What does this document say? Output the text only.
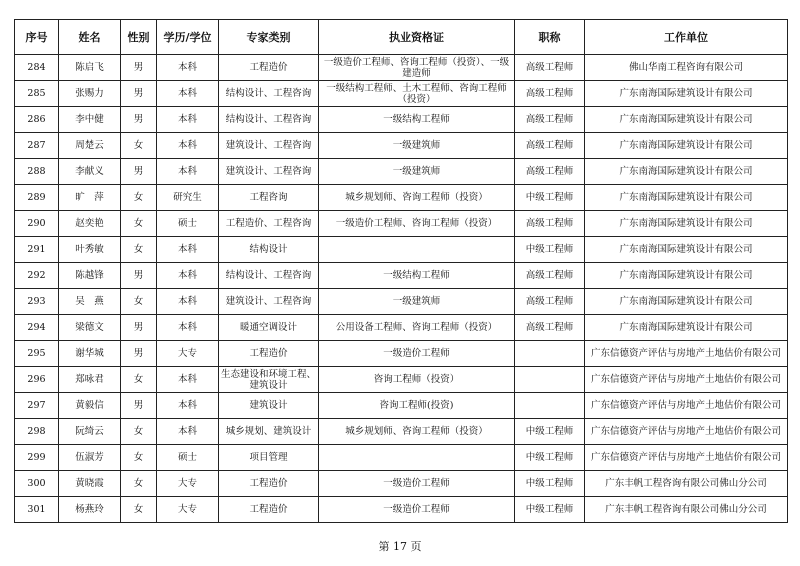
序号	姓名	性别	学历/学位	专家类别	执业资格证	职称	工作单位
284	陈启飞	男	本科	工程造价	一级造价工程师、咨询工程师（投资）、一级建造师	高级工程师	佛山华南工程咨询有限公司
285	张赐力	男	本科	结构设计、工程咨询	一级结构工程师、土木工程师、咨询工程师（投资）	高级工程师	广东南海国际建筑设计有限公司
286	李中健	男	本科	结构设计、工程咨询	一级结构工程师	高级工程师	广东南海国际建筑设计有限公司
287	周楚云	女	本科	建筑设计、工程咨询	一级建筑师	高级工程师	广东南海国际建筑设计有限公司
288	李献义	男	本科	建筑设计、工程咨询	一级建筑师	高级工程师	广东南海国际建筑设计有限公司
289	旷　萍	女	研究生	工程咨询	城乡规划师、咨询工程师（投资）	中级工程师	广东南海国际建筑设计有限公司
290	赵奕艳	女	硕士	工程造价、工程咨询	一级造价工程师、咨询工程师（投资）	高级工程师	广东南海国际建筑设计有限公司
291	叶秀敏	女	本科	结构设计		中级工程师	广东南海国际建筑设计有限公司
292	陈越锋	男	本科	结构设计、工程咨询	一级结构工程师	高级工程师	广东南海国际建筑设计有限公司
293	吴　燕	女	本科	建筑设计、工程咨询	一级建筑师	高级工程师	广东南海国际建筑设计有限公司
294	梁德文	男	本科	暖通空调设计	公用设备工程师、咨询工程师（投资）	高级工程师	广东南海国际建筑设计有限公司
295	谢华城	男	大专	工程造价	一级造价工程师		广东信德资产评估与房地产土地估价有限公司
296	郑咏君	女	本科	生态建设和环境工程、建筑设计	咨询工程师（投资）		广东信德资产评估与房地产土地估价有限公司
297	黄毅信	男	本科	建筑设计	咨询工程师(投资)		广东信德资产评估与房地产土地估价有限公司
298	阮绮云	女	本科	城乡规划、建筑设计	城乡规划师、咨询工程师（投资）	中级工程师	广东信德资产评估与房地产土地估价有限公司
299	伍淑芳	女	硕士	项目管理		中级工程师	广东信德资产评估与房地产土地估价有限公司
300	黄晓霞	女	大专	工程造价	一级造价工程师	中级工程师	广东丰帆工程咨询有限公司佛山分公司
301	杨燕玲	女	大专	工程造价	一级造价工程师	中级工程师	广东丰帆工程咨询有限公司佛山分公司
第 17 页
